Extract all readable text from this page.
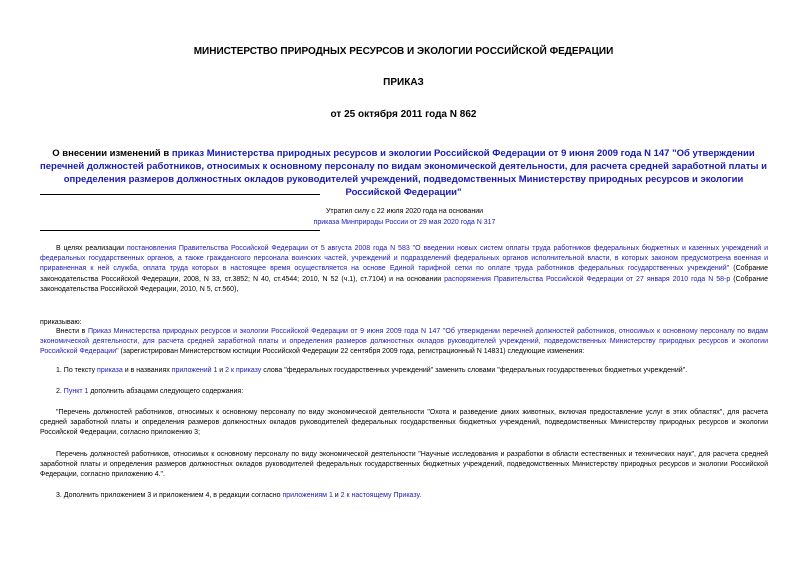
МИНИСТЕРСТВО ПРИРОДНЫХ РЕСУРСОВ И ЭКОЛОГИИ РОССИЙСКОЙ ФЕДЕРАЦИИ
ПРИКАЗ
от 25 октября 2011 года N 862
О внесении изменений в приказ Министерства природных ресурсов и экологии Российской Федерации от 9 июня 2009 года N 147 "Об утверждении перечней должностей работников, относимых к основному персоналу по видам экономической деятельности, для расчета средней заработной платы и определения размеров должностных окладов руководителей учреждений, подведомственных Министерству природных ресурсов и экологии Российской Федерации"
Утратил силу с 22 июля 2020 года на основании
приказа Минприроды России от 29 мая 2020 года N 317
В целях реализации постановления Правительства Российской Федерации от 5 августа 2008 года N 583 "О введении новых систем оплаты труда работников федеральных бюджетных и казенных учреждений и федеральных государственных органов, а также гражданского персонала воинских частей, учреждений и подразделений федеральных органов исполнительной власти, в которых законом предусмотрена военная и приравненная к ней служба, оплата труда которых в настоящее время осуществляется на основе Единой тарифной сетки по оплате труда работников федеральных государственных учреждений" (Собрание законодательства Российской Федерации, 2008, N 33, ст.3852; N 40, ст.4544; 2010, N 52 (ч.1), ст.7104) и на основании распоряжения Правительства Российской Федерации от 27 января 2010 года N 58-р (Собрание законодательства Российской Федерации, 2010, N 5, ст.560),
приказываю:
Внести в Приказ Министерства природных ресурсов и экологии Российской Федерации от 9 июня 2009 года N 147 "Об утверждении перечней должностей работников, относимых к основному персоналу по видам экономической деятельности, для расчета средней заработной платы и определения размеров должностных окладов руководителей учреждений, подведомственных Министерству природных ресурсов и экологии Российской Федерации" (зарегистрирован Министерством юстиции Российской Федерации 22 сентября 2009 года, регистрационный N 14831) следующие изменения:
1. По тексту приказа и в названиях приложений 1 и 2 к приказу слова "федеральных государственных учреждений" заменить словами "федеральных государственных бюджетных учреждений".
2. Пункт 1 дополнить абзацами следующего содержания:
"Перечень должностей работников, относимых к основному персоналу по виду экономической деятельности "Охота и разведение диких животных, включая предоставление услуг в этих областях", для расчета средней заработной платы и определения размеров должностных окладов руководителей федеральных государственных бюджетных учреждений, подведомственных Министерству природных ресурсов и экологии Российской Федерации, согласно приложению 3;
Перечень должностей работников, относимых к основному персоналу по виду экономической деятельности "Научные исследования и разработки в области естественных и технических наук", для расчета средней заработной платы и определения размеров должностных окладов руководителей федеральных государственных бюджетных учреждений, подведомственных Министерству природных ресурсов и экологии Российской Федерации, согласно приложению 4.".
3. Дополнить приложением 3 и приложением 4, в редакции согласно приложениям 1 и 2 к настоящему Приказу.
